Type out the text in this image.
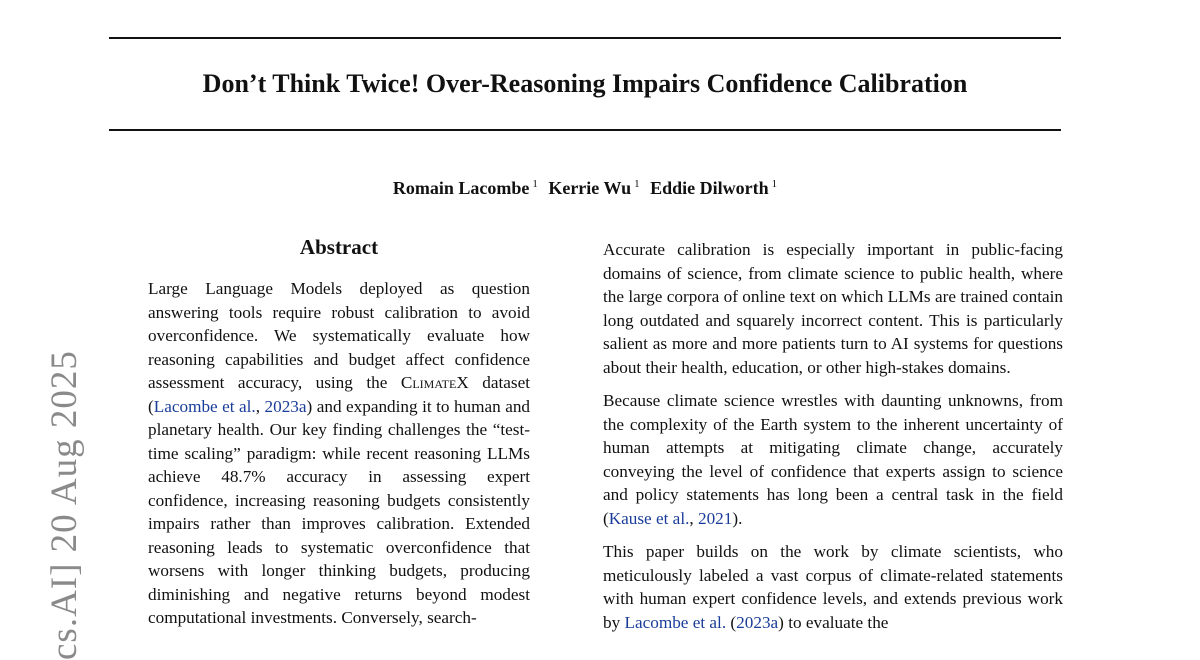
Don’t Think Twice! Over-Reasoning Impairs Confidence Calibration
Romain Lacombe $^1$ Kerrie Wu $^1$ Eddie Dilworth $^1$
cs.AI] 20 Aug 2025
Abstract

Large Language Models deployed as question answering tools require robust calibration to avoid overconfidence. We systematically evaluate how reasoning capabilities and budget affect confidence assessment accuracy, using the ClimateX dataset (Lacombe et al., 2023a) and expanding it to human and planetary health. Our key finding challenges the “test-time scaling” paradigm: while recent reasoning LLMs achieve 48.7% accuracy in assessing expert confidence, increasing reasoning budgets consistently impairs rather than improves calibration. Extended reasoning leads to systematic overconfidence that worsens with longer thinking budgets, producing diminishing and negative returns beyond modest computational investments. Conversely, search-

Accurate calibration is especially important in public-facing domains of science, from climate science to public health, where the large corpora of online text on which LLMs are trained contain long outdated and squarely incorrect content. This is particularly salient as more and more patients turn to AI systems for questions about their health, education, or other high-stakes domains.

Because climate science wrestles with daunting unknowns, from the complexity of the Earth system to the inherent uncertainty of human attempts at mitigating climate change, accurately conveying the level of confidence that experts assign to science and policy statements has long been a central task in the field (Kause et al., 2021).

This paper builds on the work by climate scientists, who meticulously labeled a vast corpus of climate-related statements with human expert confidence levels, and extends previous work by Lacombe et al. (2023a) to evaluate the
